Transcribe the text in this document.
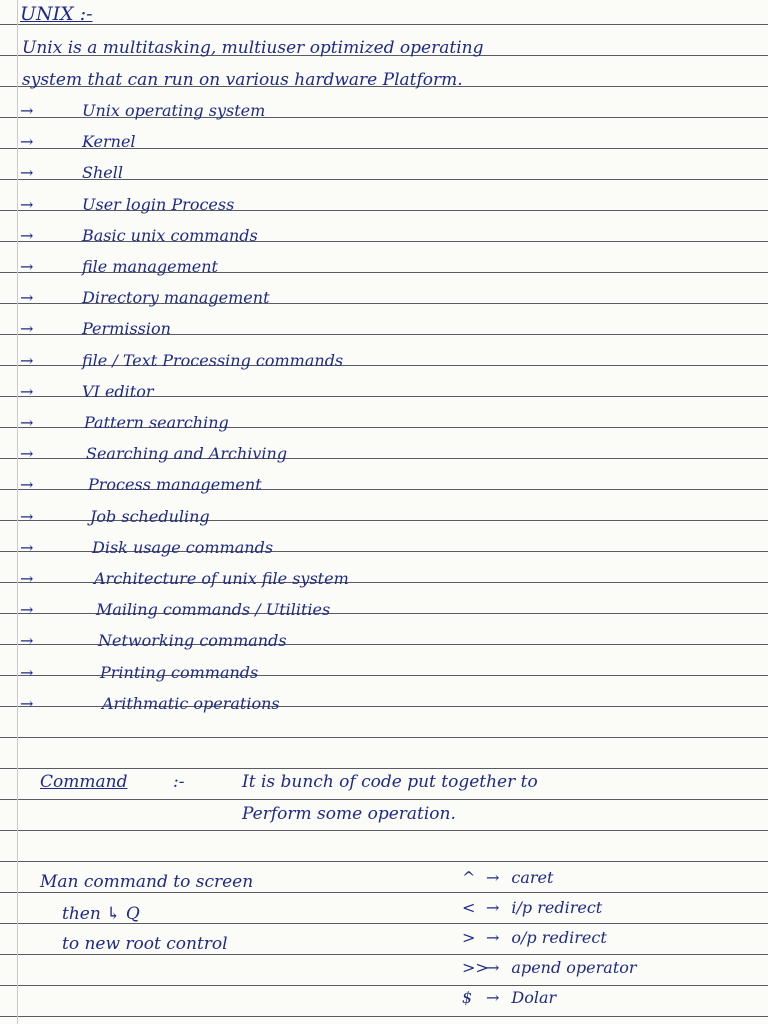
UNIX :-
Unix is a multitasking, multiuser optimized operating
system that can run on various hardware Platform.
→	Unix operating system
→	Kernel
→	Shell
→	User login Process
→	Basic unix commands
→	file management
→	Directory management
→	Permission
→	file / Text Processing commands
→	VI editor
→	Pattern searching
→	Searching and Archiving
→	Process management
→	Job scheduling
→	Disk usage commands
→	Architecture of unix file system
→	Mailing commands / Utilities
→	Networking commands
→	Printing commands
→	Arithmatic operations
Command	:-	It is bunch of code put together to
Perform some operation.
Man command to screen
then ↳ Q
to new root control
^ → caret
< → i/p redirect
> → o/p redirect
>>→ apend operator
$ → Dolar
